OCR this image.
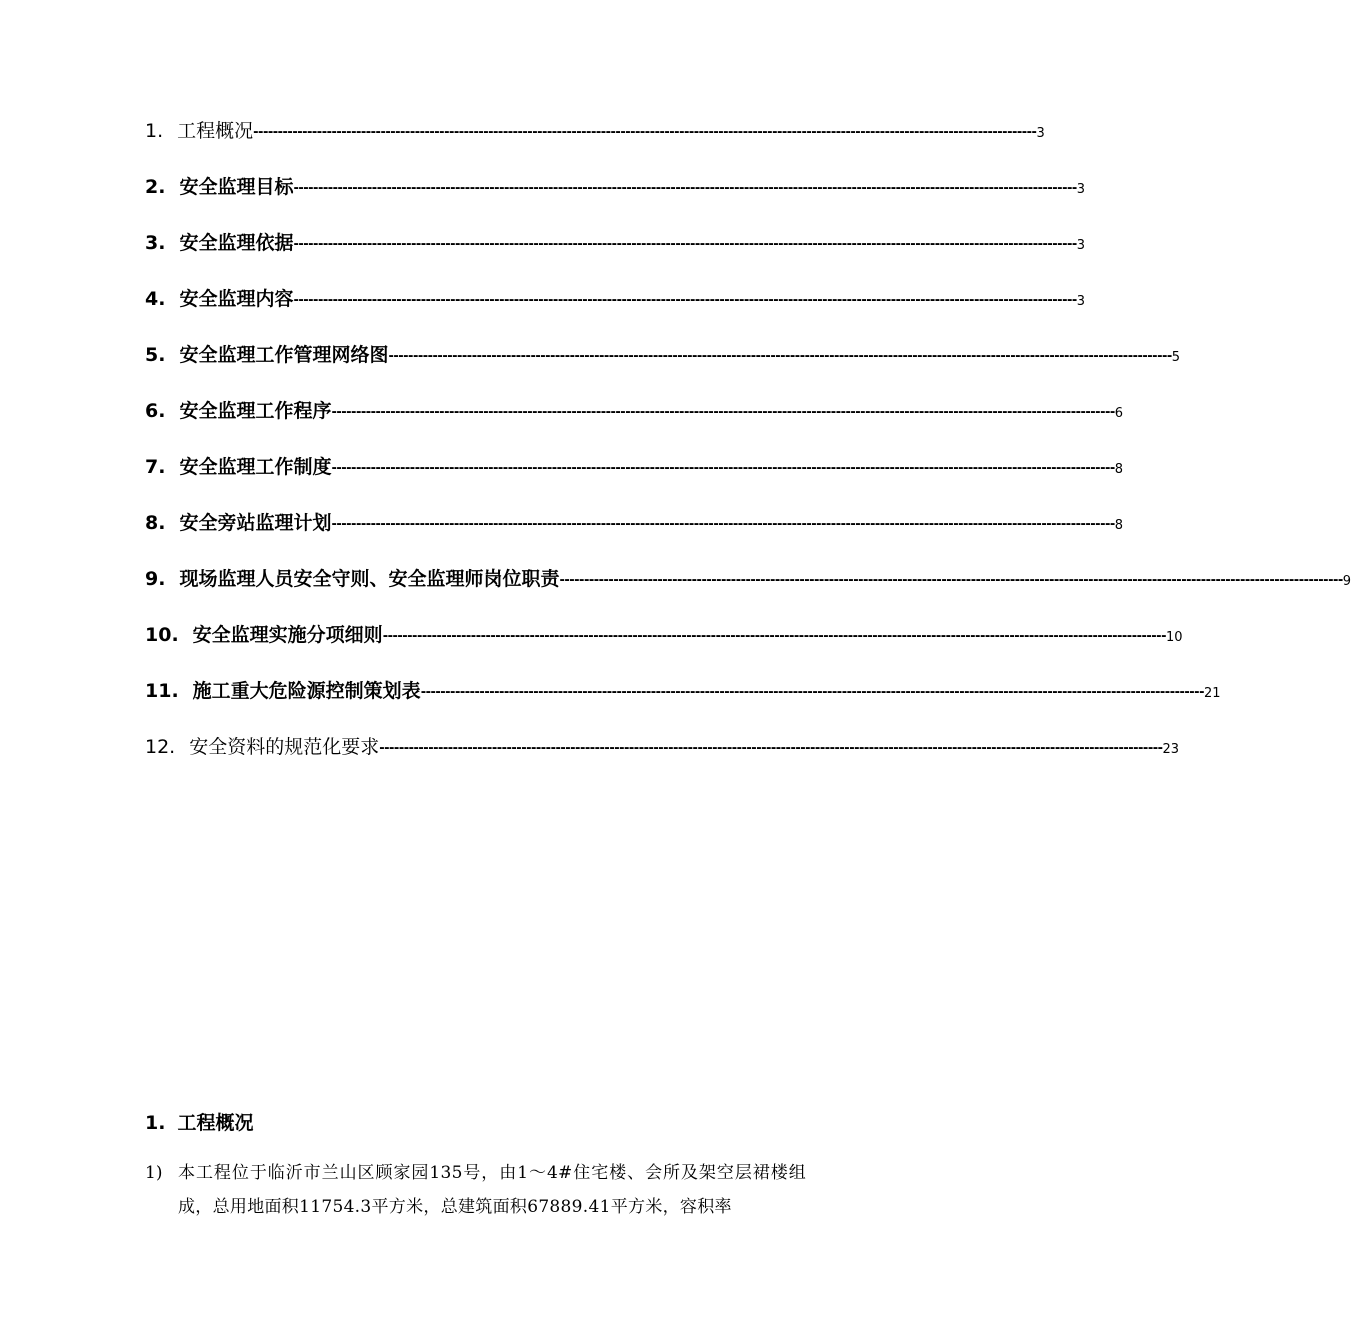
1. 工程概况 ---------------------------------------------------------------------------------------------------------------------------------------------------------------- 3
2. 安全监理目标 ---------------------------------------------------------------------------------------------------------------------------------------------------------------- 3
3. 安全监理依据 ---------------------------------------------------------------------------------------------------------------------------------------------------------------- 3
4. 安全监理内容 ---------------------------------------------------------------------------------------------------------------------------------------------------------------- 3
5. 安全监理工作管理网络图 ---------------------------------------------------------------------------------------------------------------------------------------------------------------- 5
6. 安全监理工作程序 ---------------------------------------------------------------------------------------------------------------------------------------------------------------- 6
7. 安全监理工作制度 ---------------------------------------------------------------------------------------------------------------------------------------------------------------- 8
8. 安全旁站监理计划 ---------------------------------------------------------------------------------------------------------------------------------------------------------------- 8
9. 现场监理人员安全守则、安全监理师岗位职责 ---------------------------------------------------------------------------------------------------------------------------------------------------------------- 9
10. 安全监理实施分项细则 ---------------------------------------------------------------------------------------------------------------------------------------------------------------- 10
11. 施工重大危险源控制策划表 ---------------------------------------------------------------------------------------------------------------------------------------------------------------- 21
12. 安全资料的规范化要求 ---------------------------------------------------------------------------------------------------------------------------------------------------------------- 23
1. 工程概况
1) 本工程位于临沂市兰山区顾家园135号，由1～4#住宅楼、会所及架空层裙楼组成，总用地面积11754.3平方米，总建筑面积67889.41平方米，容积率
